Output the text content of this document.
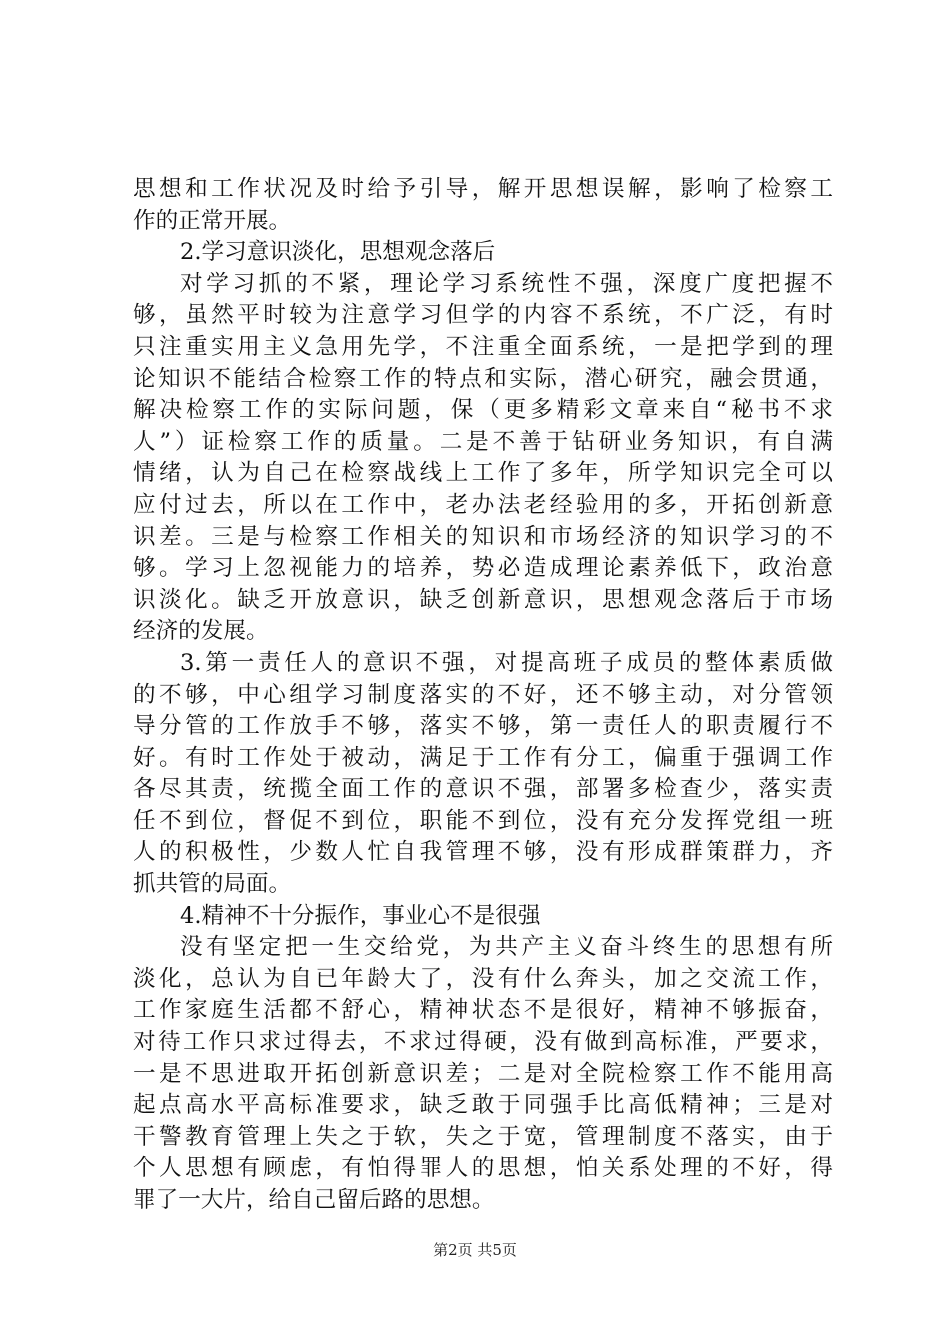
思想和工作状况及时给予引导，解开思想误解，影响了检察工
作的正常开展。
2.学习意识淡化，思想观念落后
对学习抓的不紧，理论学习系统性不强，深度广度把握不
够，虽然平时较为注意学习但学的内容不系统，不广泛，有时
只注重实用主义急用先学，不注重全面系统，一是把学到的理
论知识不能结合检察工作的特点和实际，潜心研究，融会贯通，
解决检察工作的实际问题，保（更多精彩文章来自“秘书不求
人”）证检察工作的质量。二是不善于钻研业务知识，有自满
情绪，认为自己在检察战线上工作了多年，所学知识完全可以
应付过去，所以在工作中，老办法老经验用的多，开拓创新意
识差。三是与检察工作相关的知识和市场经济的知识学习的不
够。学习上忽视能力的培养，势必造成理论素养低下，政治意
识淡化。缺乏开放意识，缺乏创新意识，思想观念落后于市场
经济的发展。
3.第一责任人的意识不强，对提高班子成员的整体素质做
的不够，中心组学习制度落实的不好，还不够主动，对分管领
导分管的工作放手不够，落实不够，第一责任人的职责履行不
好。有时工作处于被动，满足于工作有分工，偏重于强调工作
各尽其责，统揽全面工作的意识不强，部署多检查少，落实责
任不到位，督促不到位，职能不到位，没有充分发挥党组一班
人的积极性，少数人忙自我管理不够，没有形成群策群力，齐
抓共管的局面。
4.精神不十分振作，事业心不是很强
没有坚定把一生交给党，为共产主义奋斗终生的思想有所
淡化，总认为自已年龄大了，没有什么奔头，加之交流工作，
工作家庭生活都不舒心，精神状态不是很好，精神不够振奋，
对待工作只求过得去，不求过得硬，没有做到高标准，严要求，
一是不思进取开拓创新意识差；二是对全院检察工作不能用高
起点高水平高标准要求，缺乏敢于同强手比高低精神；三是对
干警教育管理上失之于软，失之于宽，管理制度不落实，由于
个人思想有顾虑，有怕得罪人的思想，怕关系处理的不好，得
罪了一大片，给自己留后路的思想。
第2页 共5页
